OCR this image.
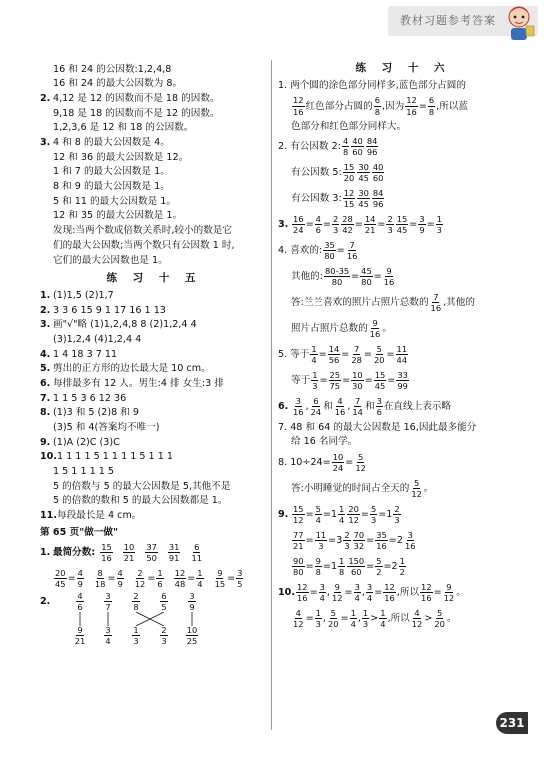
教材习题参考答案
16 和 24 的公因数:1,2,4,8
16 和 24 的最大公因数为 8。
2. 4,12 是 12 的因数而不是 18 的因数。
9,18 是 18 的因数而不是 12 的因数。
1,2,3,6 是 12 和 18 的公因数。
3. 4 和 8 的最大公因数是 4。
12 和 36 的最大公因数是 12。
1 和 7 的最大公因数是 1。
8 和 9 的最大公因数是 1。
5 和 11 的最大公因数是 1。
12 和 35 的最大公因数是 1。
发现:当两个数成倍数关系时,较小的数是它
们的最大公因数;当两个数只有公因数 1 时,
它们的最大公因数也是 1。
练 习 十 五
1. (1)1,5 (2)1,7
2. 3 3 6 15 9 1 17 16 1 13
3. 画"√"略 (1)1,2,4,8 8 (2)1,2,4 4
(3)1,2,4 (4)1,2,4 4
4. 1 4 18 3 7 11
5. 剪出的正方形的边长最大是 10 cm。
6. 每排最多有 12 人。男生:4 排 女生:3 排
7. 1 1 5 3 6 12 36
8. (1)3 和 5 (2)8 和 9
(3)5 和 4(答案均不唯一)
9. (1)A (2)C (3)C
10. 1 1 1 1 5 1 1 1 1 5 1 1 1
1 5 1 1 1 1 5
5 的倍数与 5 的最大公因数是 5,其他不是
5 的倍数的数和 5 的最大公因数都是 1。
11. 每段最长是 4 cm。
第 65 页"做一做"
1. 最简分数: $\frac{15}{16} \frac{10}{21} \frac{37}{50} \frac{31}{91} \frac{6}{11}$
$\frac{20}{45} = \frac{4}{9} \frac{8}{18} = \frac{4}{9} \frac{2}{12} = \frac{1}{6} \frac{12}{48} = \frac{1}{4} \frac{9}{15} = \frac{3}{5}$
2.	4
6
3
7
2
8
6
5
3
9
9
21
3
4
1
3
2
3
10
25
练 习 十 六
1. 两个圆的涂色部分同样多,蓝色部分占圆的
12
16
红色部分占圆的
6
8
,因为 $\frac{12}{16} = \frac{6}{8}$ ,所以蓝
色部分和红色部分同样大。
2. 有公因数 2:
4
8
40
60
84
96
有公因数 5:
15
20
30
45
40
60
有公因数 3:
12
15
30
45
84
96
3. $\frac{16}{24} = \frac{4}{6} = \frac{2}{3} \frac{28}{42} = \frac{14}{21} = \frac{2}{3} \frac{15}{45} = \frac{3}{9} = \frac{1}{3}$
4. 喜欢的: $\frac{35}{80} = \frac{7}{16}$
其他的: $\frac{80-35}{80} = \frac{45}{80} = \frac{9}{16}$
答:兰兰喜欢的照片占照片总数的
7
16
,其他的
照片占照片总数的
9
16
。
5. 等于 $\frac{1}{4} = \frac{14}{56} = \frac{7}{28} = \frac{5}{20} = \frac{11}{44}$
等于 $\frac{1}{3} = \frac{25}{75} = \frac{10}{30} = \frac{15}{45} = \frac{33}{99}$
6.
3
16
,
6
24
和
4
16
,
7
14
和
3
6
在直线上表示略
7. 48 和 64 的最大公因数是 16,因此最多能分
给 16 名同学。
8. $10\div 24= \frac{10}{24} = \frac{5}{12}$
答:小明睡觉的时间占全天的
5
12
。
9. $\frac{15}{12} = \frac{5}{4} = 1$
1
$4 \frac{20}{12} = \frac{5}{3} = 1$
2
3
$\frac{77}{21} = \frac{11}{3} = 3$
2
$3 \frac{70}{32} = \frac{35}{16} = 2$
3
16
$\frac{90}{80} = \frac{9}{8} = 1$
1
$8 \frac{150}{60} = \frac{5}{2} = 2$
1
2
10. $\frac{12}{16} = \frac{3}{4}$ , $\frac{9}{12} = \frac{3}{4}$ , $\frac{3}{4} = \frac{12}{16}$ ,所以 $\frac{12}{16} = \frac{9}{12}$ 。
$\frac{4}{12} = \frac{1}{3}$ , $\frac{5}{20} = \frac{1}{4}$ ,
1
3
>
1
4
,所以
4
12
>
5
20
。
231
